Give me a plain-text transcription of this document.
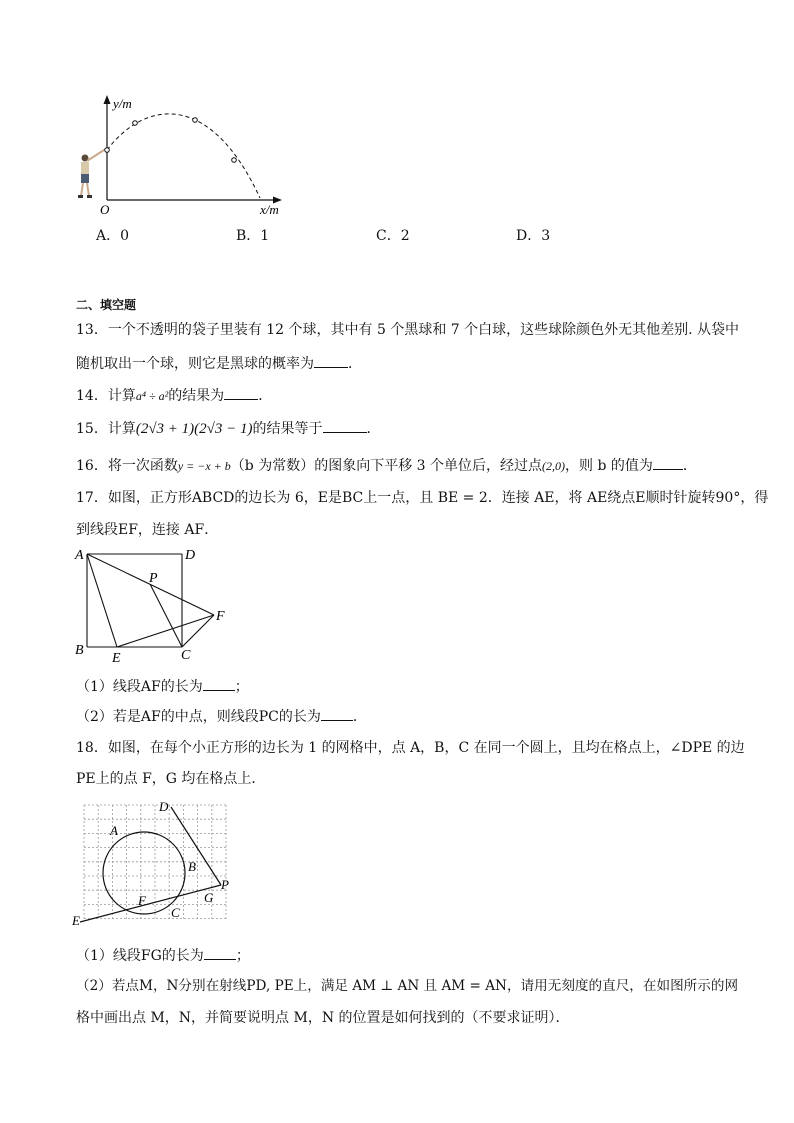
y/m
x/m
O
A．0	B．1	C．2	D．3
二、填空题
13．一个不透明的袋子里装有 12 个球，其中有 5 个黑球和 7 个白球，这些球除颜色外无其他差别. 从袋中
随机取出一个球，则它是黑球的概率为 ．
14．计算a⁴ ÷ a²的结果为 ．
15．计算(2√3 + 1)(2√3 − 1)的结果等于	．
16．将一次函数y = −x + b（b 为常数）的图象向下平移 3 个单位后，经过点(2,0)，则 b 的值为 ．
17．如图，正方形ABCD的边长为 6，E是BC上一点，且 BE = 2．连接 AE，将 AE绕点E顺时针旋转90°，得
到线段EF，连接 AF．
A	D
B
E	C
F
P
（1）线段AF的长为 ；
（2）若是AF的中点，则线段PC的长为 ．
18．如图，在每个小正方形的边长为 1 的网格中，点 A，B，C 在同一个圆上，且均在格点上，∠DPE 的边
PE上的点 F，G 均在格点上．
D
A
B
P
G
F
C
E
（1）线段FG的长为 ；
（2）若点M，N分别在射线PD, PE上，满足 AM ⊥ AN 且 AM = AN，请用无刻度的直尺，在如图所示的网
格中画出点 M，N，并简要说明点 M，N 的位置是如何找到的（不要求证明）．
